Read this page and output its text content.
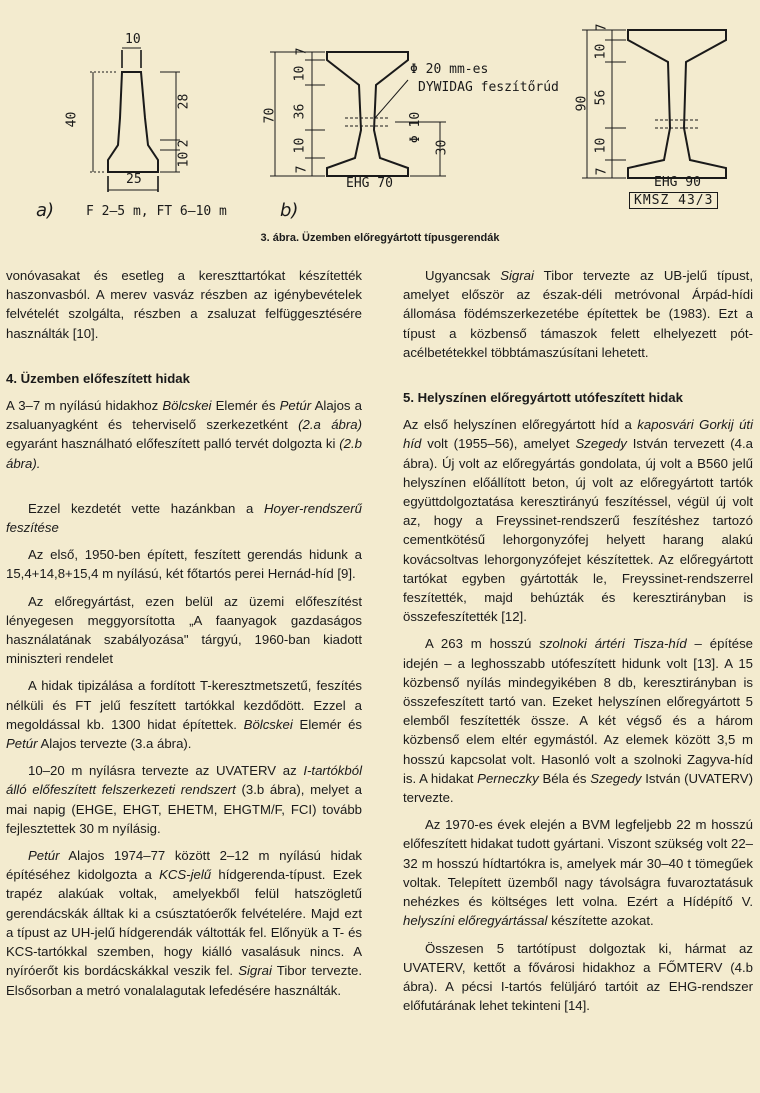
10
40
28
2
10
25
a) F 2–5 m, FT 6–10 m
70
7
10
36
10
7
Φ 10
30
EHG 70
Φ 20 mm-es
DYWIDAG feszítőrúd
b)
90
7
10
56
10
7
EHG 90
KMSZ 43/3
3. ábra. Üzemben előregyártott típusgerendák

vonóvasakat és esetleg a kereszttartókat készítették haszonvasból. A merev vasváz részben az igénybevételek felvételét szolgálta, részben a zsaluzat felfüggesztésére használták [10].

4. Üzemben előfeszített hidak

A 3–7 m nyílású hidakhoz Bölcskei Elemér és Petúr Alajos a zsaluanyagként és teherviselő szerkezetként (2.a ábra) egyaránt használható előfeszített palló tervét dolgozta ki (2.b ábra).

Ezzel kezdetét vette hazánkban a Hoyer-rendszerű feszítése

Az első, 1950-ben épített, feszített gerendás hidunk a 15,4+14,8+15,4 m nyílású, két főtartós perei Hernád-híd [9].

Az előregyártást, ezen belül az üzemi előfeszítést lényegesen meggyorsította „A faanyagok gazdaságos használatának szabályozása" tárgyú, 1960-ban kiadott miniszteri rendelet

A hidak tipizálása a fordított T-keresztmetszetű, feszítés nélküli és FT jelű feszített tartókkal kezdődött. Ezzel a megoldással kb. 1300 hidat építettek. Bölcskei Elemér és Petúr Alajos tervezte (3.a ábra).

10–20 m nyílásra tervezte az UVATERV az I-tartókból álló előfeszített felszerkezeti rendszert (3.b ábra), melyet a mai napig (EHGE, EHGT, EHETM, EHGTM/F, FCI) tovább fejlesztettek 30 m nyílásig.

Petúr Alajos 1974–77 között 2–12 m nyílású hidak építéséhez kidolgozta a KCS-jelű hídgerenda-típust. Ezek trapéz alakúak voltak, amelyekből felül hatszögletű gerendácskák álltak ki a csúsztatóerők felvételére. Majd ezt a típust az UH-jelű hídgerendák váltották fel. Előnyük a T- és KCS-tartókkal szemben, hogy kiálló vasalásuk nincs. A nyíróerőt kis bordácskákkal veszik fel. Sigrai Tibor tervezte. Elsősorban a metró vonalalagutak lefedésére használták.

Ugyancsak Sigrai Tibor tervezte az UB-jelű típust, amelyet először az észak-déli metróvonal Árpád-hídi állomása födémszerkezetébe építettek be (1983). Ezt a típust a közbenső támaszok felett elhelyezett pót-acélbetétekkel többtámaszúsítani lehetett.

5. Helyszínen előregyártott utófeszített hidak

Az első helyszínen előregyártott híd a kaposvári Gorkij úti híd volt (1955–56), amelyet Szegedy István tervezett (4.a ábra). Új volt az előregyártás gondolata, új volt a B560 jelű helyszínen előállított beton, új volt az előregyártott tartók együttdolgoztatása keresztirányú feszítéssel, végül új volt az, hogy a Freyssinet-rendszerű feszítéshez tartozó cementkötésű lehorgonyzófej helyett harang alakú kovácsoltvas lehorgonyzófejet készítettek. Az előregyártott tartókat egyben gyártották le, Freyssinet-rendszerrel feszítették, majd behúzták és keresztirányban is összefeszítették [12].

A 263 m hosszú szolnoki ártéri Tisza-híd – építése idején – a leghosszabb utófeszített hidunk volt [13]. A 15 közbenső nyílás mindegyikében 8 db, keresztirányban is összefeszített tartó van. Ezeket helyszínen előregyártott 5 elemből feszítették össze. A két végső és a három közbenső elem eltér egymástól. Az elemek között 3,5 m hosszú kapcsolat volt. Hasonló volt a szolnoki Zagyva-híd is. A hidakat Perneczky Béla és Szegedy István (UVATERV) tervezte.

Az 1970-es évek elején a BVM legfeljebb 22 m hosszú előfeszített hidakat tudott gyártani. Viszont szükség volt 22–32 m hosszú hídtartókra is, amelyek már 30–40 t tömegűek voltak. Telepített üzemből nagy távolságra fuvaroztatásuk nehézkes és költséges lett volna. Ezért a Hídépítő V. helyszíni előregyártással készítette azokat.

Összesen 5 tartótípust dolgoztak ki, hármat az UVATERV, kettőt a fővárosi hidakhoz a FŐMTERV (4.b ábra). A pécsi I-tartós felüljáró tartóit az EHG-rendszer előfutárának lehet tekinteni [14].
